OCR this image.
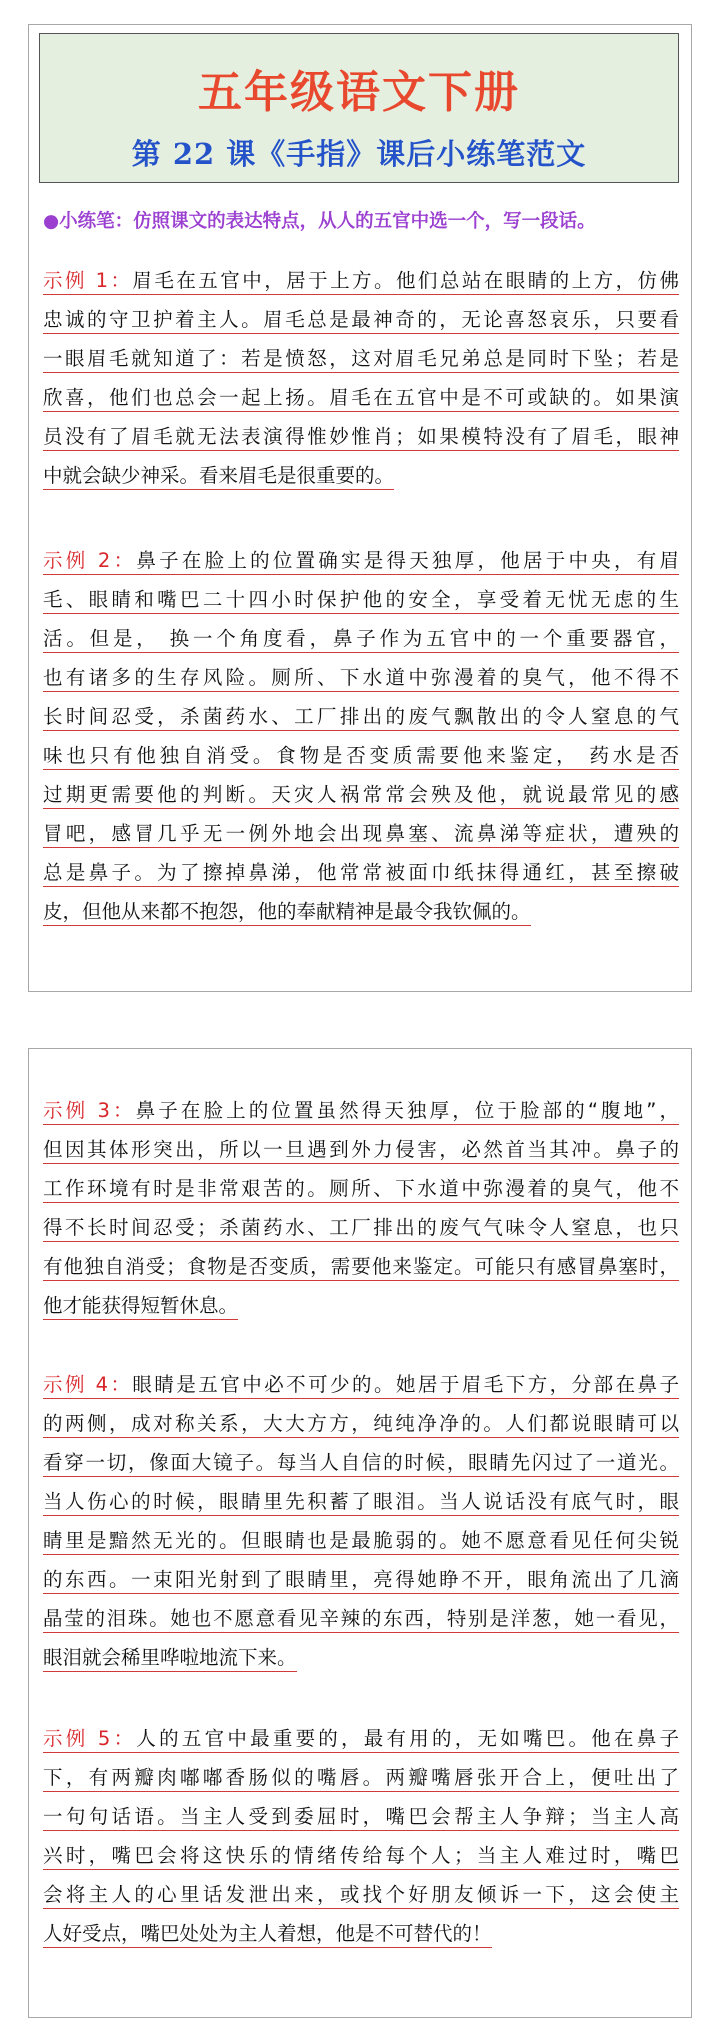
五年级语文下册
第 22 课《手指》课后小练笔范文
●小练笔：仿照课文的表达特点，从人的五官中选一个，写一段话。
示例 1：眉毛在五官中，居于上方。他们总站在眼睛的上方，仿佛
忠诚的守卫护着主人。眉毛总是最神奇的，无论喜怒哀乐，只要看
一眼眉毛就知道了：若是愤怒，这对眉毛兄弟总是同时下坠；若是
欣喜，他们也总会一起上扬。眉毛在五官中是不可或缺的。如果演
员没有了眉毛就无法表演得惟妙惟肖；如果模特没有了眉毛，眼神
中就会缺少神采。看来眉毛是很重要的。
示例 2：鼻子在脸上的位置确实是得天独厚，他居于中央，有眉
毛、眼睛和嘴巴二十四小时保护他的安全，享受着无忧无虑的生
活。但是， 换一个角度看，鼻子作为五官中的一个重要器官，
也有诸多的生存风险。厕所、下水道中弥漫着的臭气，他不得不
长时间忍受，杀菌药水、工厂排出的废气飘散出的令人窒息的气
味也只有他独自消受。食物是否变质需要他来鉴定， 药水是否
过期更需要他的判断。天灾人祸常常会殃及他，就说最常见的感
冒吧，感冒几乎无一例外地会出现鼻塞、流鼻涕等症状，遭殃的
总是鼻子。为了擦掉鼻涕，他常常被面巾纸抹得通红，甚至擦破
皮，但他从来都不抱怨，他的奉献精神是最令我钦佩的。
示例 3：鼻子在脸上的位置虽然得天独厚，位于脸部的“腹地”，
但因其体形突出，所以一旦遇到外力侵害，必然首当其冲。鼻子的
工作环境有时是非常艰苦的。厕所、下水道中弥漫着的臭气，他不
得不长时间忍受；杀菌药水、工厂排出的废气气味令人窒息，也只
有他独自消受；食物是否变质，需要他来鉴定。可能只有感冒鼻塞时，
他才能获得短暂休息。
示例 4：眼睛是五官中必不可少的。她居于眉毛下方，分部在鼻子
的两侧，成对称关系，大大方方，纯纯净净的。人们都说眼睛可以
看穿一切，像面大镜子。每当人自信的时候，眼睛先闪过了一道光。
当人伤心的时候，眼睛里先积蓄了眼泪。当人说话没有底气时，眼
睛里是黯然无光的。但眼睛也是最脆弱的。她不愿意看见任何尖锐
的东西。一束阳光射到了眼睛里，亮得她睁不开，眼角流出了几滴
晶莹的泪珠。她也不愿意看见辛辣的东西，特别是洋葱，她一看见，
眼泪就会稀里哗啦地流下来。
示例 5：人的五官中最重要的，最有用的，无如嘴巴。他在鼻子
下，有两瓣肉嘟嘟香肠似的嘴唇。两瓣嘴唇张开合上，便吐出了
一句句话语。当主人受到委屈时，嘴巴会帮主人争辩；当主人高
兴时，嘴巴会将这快乐的情绪传给每个人；当主人难过时，嘴巴
会将主人的心里话发泄出来，或找个好朋友倾诉一下，这会使主
人好受点，嘴巴处处为主人着想，他是不可替代的！
